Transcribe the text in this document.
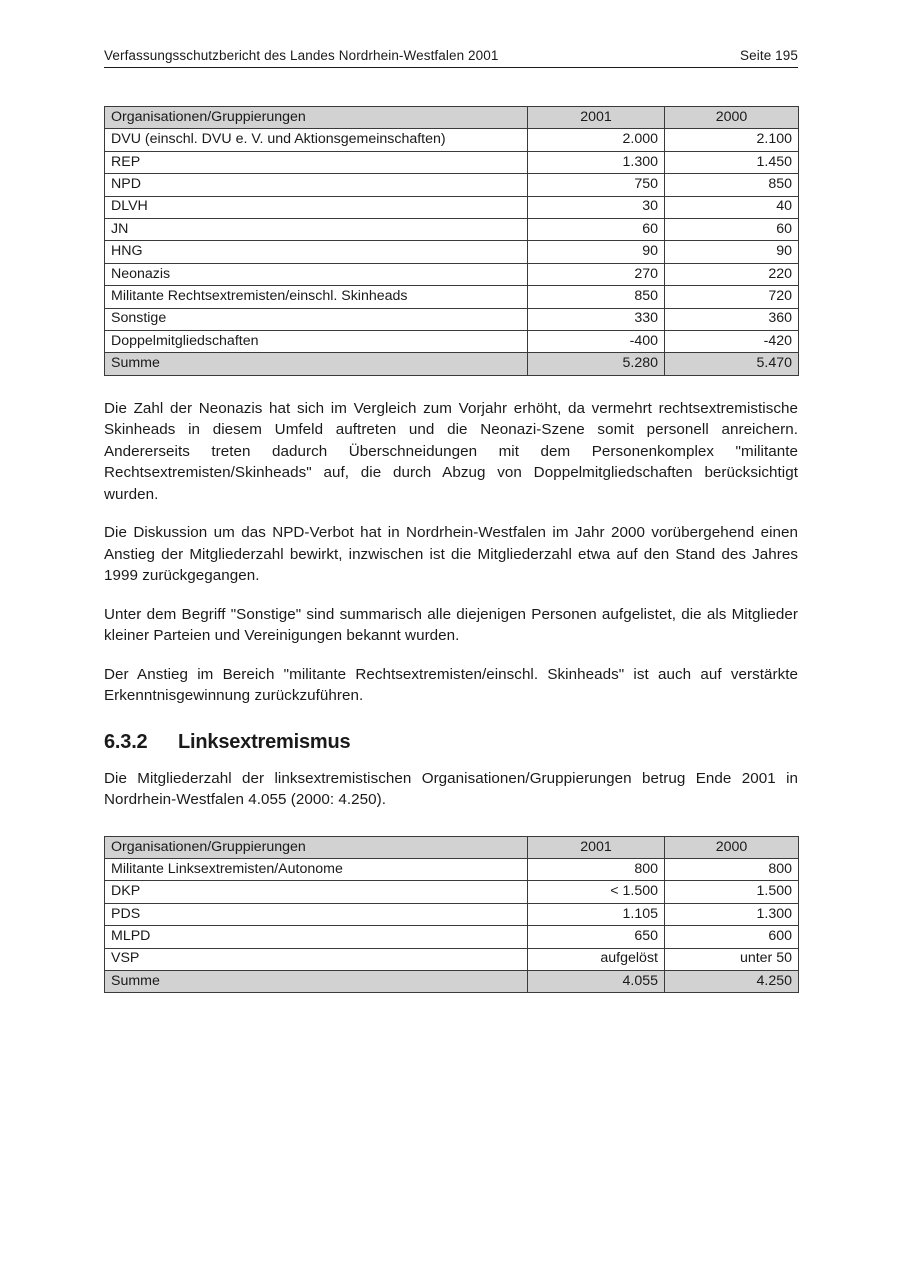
Verfassungsschutzbericht des Landes Nordrhein-Westfalen 2001	Seite 195
Organisationen/Gruppierungen	2001	2000
DVU (einschl. DVU e. V. und Aktionsgemeinschaften)	2.000	2.100
REP	1.300	1.450
NPD	750	850
DLVH	30	40
JN	60	60
HNG	90	90
Neonazis	270	220
Militante Rechtsextremisten/einschl. Skinheads	850	720
Sonstige	330	360
Doppelmitgliedschaften	-400	-420
Summe	5.280	5.470

Die Zahl der Neonazis hat sich im Vergleich zum Vorjahr erhöht, da vermehrt rechtsextremistische Skinheads in diesem Umfeld auftreten und die Neonazi-Szene somit personell anreichern. Andererseits treten dadurch Überschneidungen mit dem Personenkomplex "militante Rechtsextremisten/Skinheads" auf, die durch Abzug von Doppelmitgliedschaften berücksichtigt wurden.

Die Diskussion um das NPD-Verbot hat in Nordrhein-Westfalen im Jahr 2000 vorübergehend einen Anstieg der Mitgliederzahl bewirkt, inzwischen ist die Mitgliederzahl etwa auf den Stand des Jahres 1999 zurückgegangen.

Unter dem Begriff "Sonstige" sind summarisch alle diejenigen Personen aufgelistet, die als Mitglieder kleiner Parteien und Vereinigungen bekannt wurden.

Der Anstieg im Bereich "militante Rechtsextremisten/einschl. Skinheads" ist auch auf verstärkte Erkenntnisgewinnung zurückzuführen.

6.3.2	Linksextremismus

Die Mitgliederzahl der linksextremistischen Organisationen/Gruppierungen betrug Ende 2001 in Nordrhein-Westfalen 4.055 (2000: 4.250).

Organisationen/Gruppierungen	2001	2000
Militante Linksextremisten/Autonome	800	800
DKP	< 1.500	1.500
PDS	1.105	1.300
MLPD	650	600
VSP	aufgelöst	unter 50
Summe	4.055	4.250
